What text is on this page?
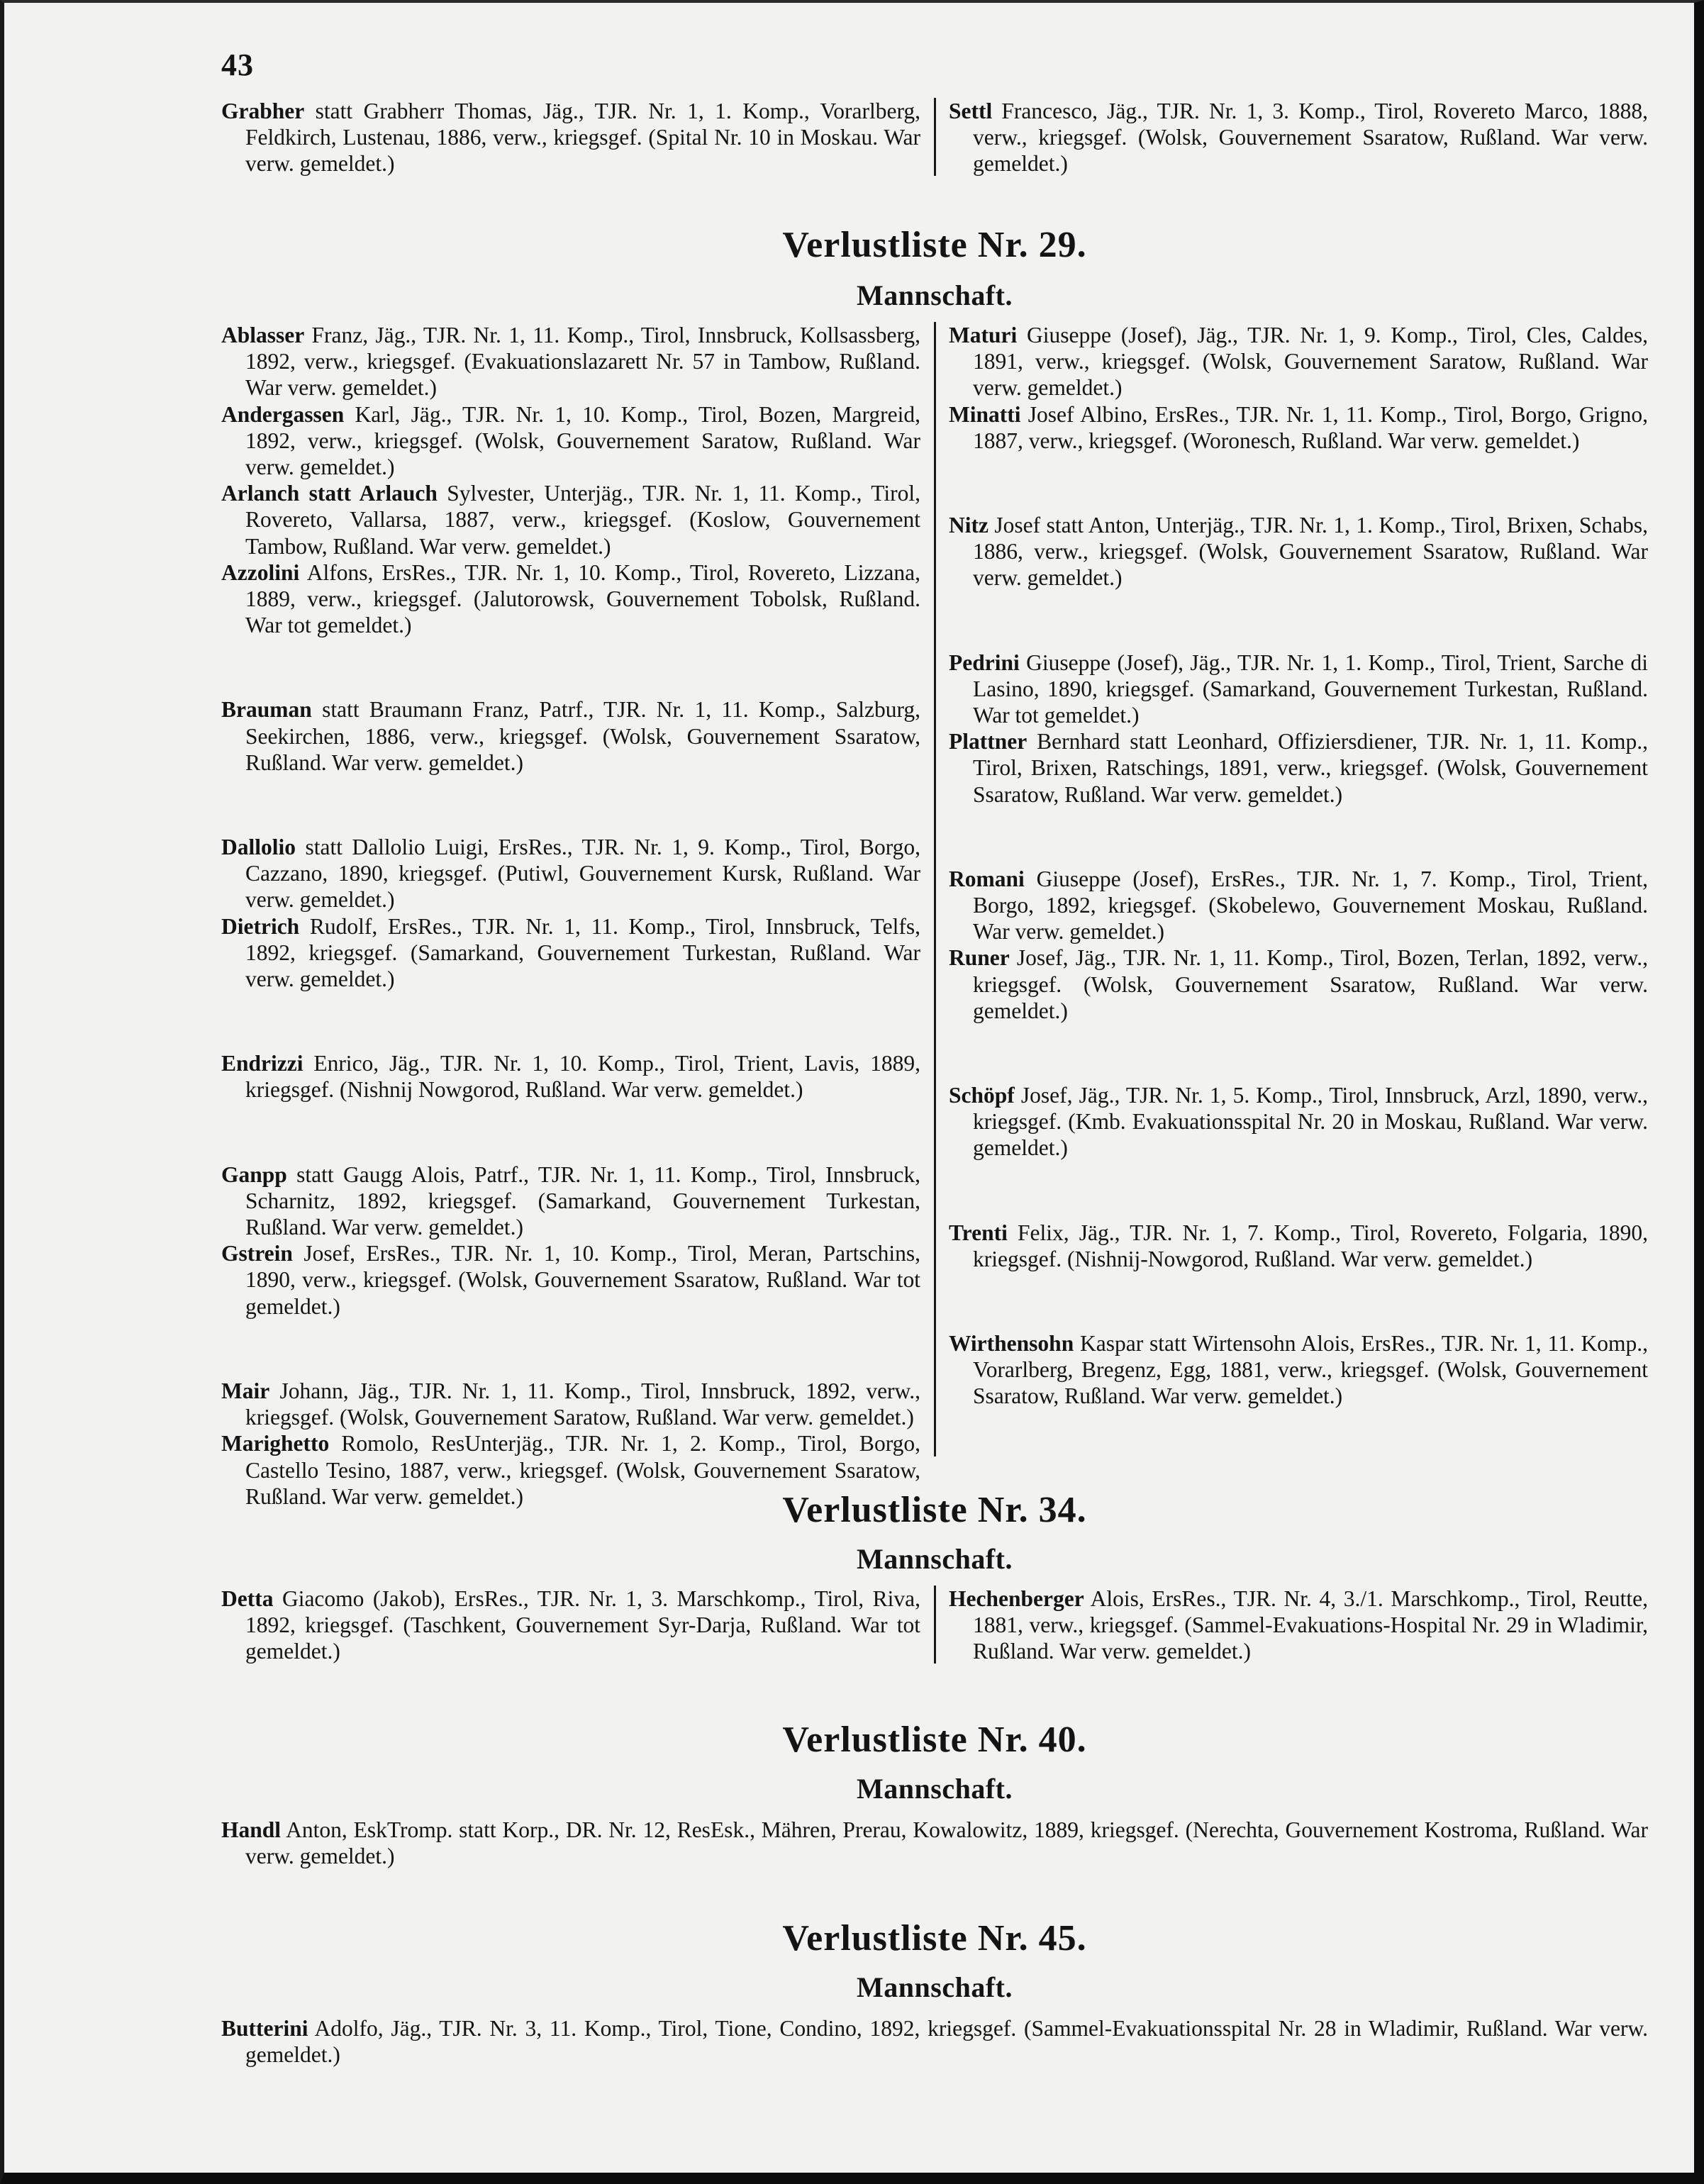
43

Grabher statt Grabherr Thomas, Jäg., TJR. Nr. 1, 1. Komp., Vorarlberg, Feldkirch, Lustenau, 1886, verw., kriegsgef. (Spital Nr. 10 in Moskau. War verw. gemeldet.)

Settl Francesco, Jäg., TJR. Nr. 1, 3. Komp., Tirol, Rovereto Marco, 1888, verw., kriegsgef. (Wolsk, Gouvernement Ssaratow, Rußland. War verw. gemeldet.)

Verlustliste Nr. 29.
Mannschaft.

Ablasser Franz, Jäg., TJR. Nr. 1, 11. Komp., Tirol, Innsbruck, Kollsassberg, 1892, verw., kriegsgef. (Evakuationslazarett Nr. 57 in Tambow, Rußland. War verw. gemeldet.)

Andergassen Karl, Jäg., TJR. Nr. 1, 10. Komp., Tirol, Bozen, Margreid, 1892, verw., kriegsgef. (Wolsk, Gouvernement Saratow, Rußland. War verw. gemeldet.)

Arlanch statt Arlauch Sylvester, Unterjäg., TJR. Nr. 1, 11. Komp., Tirol, Rovereto, Vallarsa, 1887, verw., kriegsgef. (Koslow, Gouvernement Tambow, Rußland. War verw. gemeldet.)

Azzolini Alfons, ErsRes., TJR. Nr. 1, 10. Komp., Tirol, Rovereto, Lizzana, 1889, verw., kriegsgef. (Jalutorowsk, Gouvernement Tobolsk, Rußland. War tot gemeldet.)

Brauman statt Braumann Franz, Patrf., TJR. Nr. 1, 11. Komp., Salzburg, Seekirchen, 1886, verw., kriegsgef. (Wolsk, Gouvernement Ssaratow, Rußland. War verw. gemeldet.)

Dallolio statt Dallolio Luigi, ErsRes., TJR. Nr. 1, 9. Komp., Tirol, Borgo, Cazzano, 1890, kriegsgef. (Putiwl, Gouvernement Kursk, Rußland. War verw. gemeldet.)

Dietrich Rudolf, ErsRes., TJR. Nr. 1, 11. Komp., Tirol, Innsbruck, Telfs, 1892, kriegsgef. (Samarkand, Gouvernement Turkestan, Rußland. War verw. gemeldet.)

Endrizzi Enrico, Jäg., TJR. Nr. 1, 10. Komp., Tirol, Trient, Lavis, 1889, kriegsgef. (Nishnij Nowgorod, Rußland. War verw. gemeldet.)

Ganpp statt Gaugg Alois, Patrf., TJR. Nr. 1, 11. Komp., Tirol, Innsbruck, Scharnitz, 1892, kriegsgef. (Samarkand, Gouvernement Turkestan, Rußland. War verw. gemeldet.)

Gstrein Josef, ErsRes., TJR. Nr. 1, 10. Komp., Tirol, Meran, Partschins, 1890, verw., kriegsgef. (Wolsk, Gouvernement Ssaratow, Rußland. War tot gemeldet.)

Mair Johann, Jäg., TJR. Nr. 1, 11. Komp., Tirol, Innsbruck, 1892, verw., kriegsgef. (Wolsk, Gouvernement Saratow, Rußland. War verw. gemeldet.)

Marighetto Romolo, ResUnterjäg., TJR. Nr. 1, 2. Komp., Tirol, Borgo, Castello Tesino, 1887, verw., kriegsgef. (Wolsk, Gouvernement Ssaratow, Rußland. War verw. gemeldet.)

Maturi Giuseppe (Josef), Jäg., TJR. Nr. 1, 9. Komp., Tirol, Cles, Caldes, 1891, verw., kriegsgef. (Wolsk, Gouvernement Saratow, Rußland. War verw. gemeldet.)

Minatti Josef Albino, ErsRes., TJR. Nr. 1, 11. Komp., Tirol, Borgo, Grigno, 1887, verw., kriegsgef. (Woronesch, Rußland. War verw. gemeldet.)

Nitz Josef statt Anton, Unterjäg., TJR. Nr. 1, 1. Komp., Tirol, Brixen, Schabs, 1886, verw., kriegsgef. (Wolsk, Gouvernement Ssaratow, Rußland. War verw. gemeldet.)

Pedrini Giuseppe (Josef), Jäg., TJR. Nr. 1, 1. Komp., Tirol, Trient, Sarche di Lasino, 1890, kriegsgef. (Samarkand, Gouvernement Turkestan, Rußland. War tot gemeldet.)

Plattner Bernhard statt Leonhard, Offiziersdiener, TJR. Nr. 1, 11. Komp., Tirol, Brixen, Ratschings, 1891, verw., kriegsgef. (Wolsk, Gouvernement Ssaratow, Rußland. War verw. gemeldet.)

Romani Giuseppe (Josef), ErsRes., TJR. Nr. 1, 7. Komp., Tirol, Trient, Borgo, 1892, kriegsgef. (Skobelewo, Gouvernement Moskau, Rußland. War verw. gemeldet.)

Runer Josef, Jäg., TJR. Nr. 1, 11. Komp., Tirol, Bozen, Terlan, 1892, verw., kriegsgef. (Wolsk, Gouvernement Ssaratow, Rußland. War verw. gemeldet.)

Schöpf Josef, Jäg., TJR. Nr. 1, 5. Komp., Tirol, Innsbruck, Arzl, 1890, verw., kriegsgef. (Kmb. Evakuationsspital Nr. 20 in Moskau, Rußland. War verw. gemeldet.)

Trenti Felix, Jäg., TJR. Nr. 1, 7. Komp., Tirol, Rovereto, Folgaria, 1890, kriegsgef. (Nishnij-Nowgorod, Rußland. War verw. gemeldet.)

Wirthensohn Kaspar statt Wirtensohn Alois, ErsRes., TJR. Nr. 1, 11. Komp., Vorarlberg, Bregenz, Egg, 1881, verw., kriegsgef. (Wolsk, Gouvernement Ssaratow, Rußland. War verw. gemeldet.)

Verlustliste Nr. 34.
Mannschaft.

Detta Giacomo (Jakob), ErsRes., TJR. Nr. 1, 3. Marschkomp., Tirol, Riva, 1892, kriegsgef. (Taschkent, Gouvernement Syr-Darja, Rußland. War tot gemeldet.)

Hechenberger Alois, ErsRes., TJR. Nr. 4, 3./1. Marschkomp., Tirol, Reutte, 1881, verw., kriegsgef. (Sammel-Evakuations-Hospital Nr. 29 in Wladimir, Rußland. War verw. gemeldet.)

Verlustliste Nr. 40.
Mannschaft.

Handl Anton, EskTromp. statt Korp., DR. Nr. 12, ResEsk., Mähren, Prerau, Kowalowitz, 1889, kriegsgef. (Nerechta, Gouvernement Kostroma, Rußland. War verw. gemeldet.)

Verlustliste Nr. 45.
Mannschaft.

Butterini Adolfo, Jäg., TJR. Nr. 3, 11. Komp., Tirol, Tione, Condino, 1892, kriegsgef. (Sammel-Evakuationsspital Nr. 28 in Wladimir, Rußland. War verw. gemeldet.)
